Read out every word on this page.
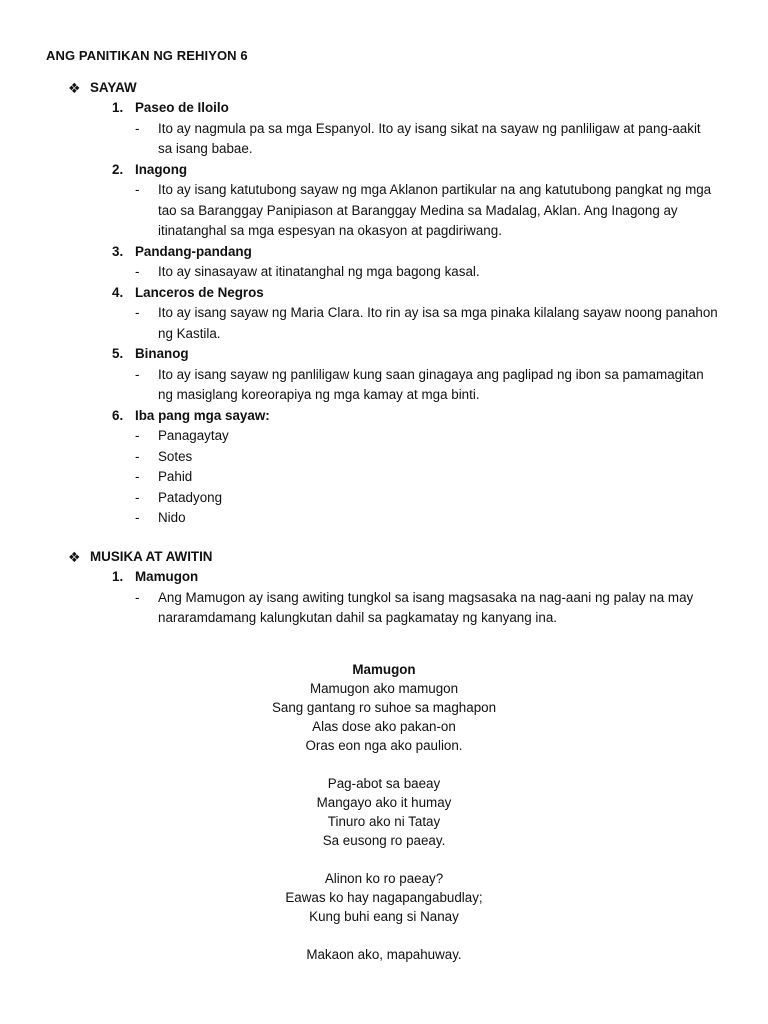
ANG PANITIKAN NG REHIYON 6
❖ SAYAW
1. Paseo de Iloilo
- Ito ay nagmula pa sa mga Espanyol. Ito ay isang sikat na sayaw ng panliligaw at pang-aakit sa isang babae.
2. Inagong
- Ito ay isang katutubong sayaw ng mga Aklanon partikular na ang katutubong pangkat ng mga tao sa Baranggay Panipiason at Baranggay Medina sa Madalag, Aklan. Ang Inagong ay itinatanghal sa mga espesyan na okasyon at pagdiriwang.
3. Pandang-pandang
- Ito ay sinasayaw at itinatanghal ng mga bagong kasal.
4. Lanceros de Negros
- Ito ay isang sayaw ng Maria Clara. Ito rin ay isa sa mga pinaka kilalang sayaw noong panahon ng Kastila.
5. Binanog
- Ito ay isang sayaw ng panliligaw kung saan ginagaya ang paglipad ng ibon sa pamamagitan ng masiglang koreorapiya ng mga kamay at mga binti.
6. Iba pang mga sayaw:
- Panagaytay
- Sotes
- Pahid
- Patadyong
- Nido
❖ MUSIKA AT AWITIN
1. Mamugon
- Ang Mamugon ay isang awiting tungkol sa isang magsasaka na nag-aani ng palay na may nararamdamang kalungkutan dahil sa pagkamatay ng kanyang ina.
Mamugon
Mamugon ako mamugon
Sang gantang ro suhoe sa maghapon
Alas dose ako pakan-on
Oras eon nga ako paulion.
Pag-abot sa baeay
Mangayo ako it humay
Tinuro ako ni Tatay
Sa eusong ro paeay.
Alinon ko ro paeay?
Eawas ko hay nagapangabudlay;
Kung buhi eang si Nanay
Makaon ako, mapahuway.
